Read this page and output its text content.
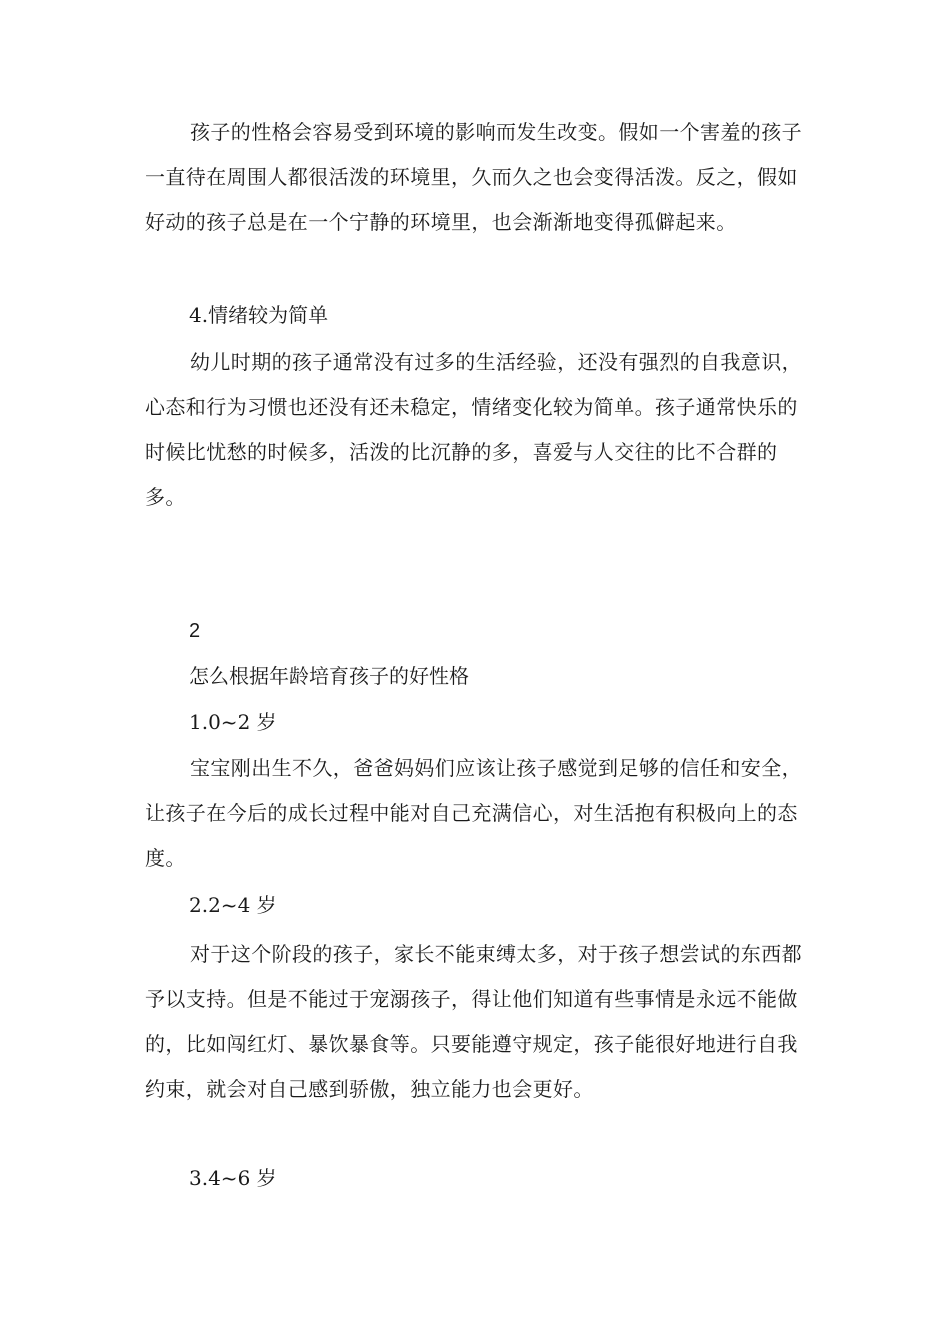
孩子的性格会容易受到环境的影响而发生改变。假如一个害羞的孩子一直待在周围人都很活泼的环境里，久而久之也会变得活泼。反之，假如好动的孩子总是在一个宁静的环境里，也会渐渐地变得孤僻起来。

4.情绪较为简单

幼儿时期的孩子通常没有过多的生活经验，还没有强烈的自我意识，心态和行为习惯也还没有还未稳定，情绪变化较为简单。孩子通常快乐的时候比忧愁的时候多，活泼的比沉静的多，喜爱与人交往的比不合群的多。

2

怎么根据年龄培育孩子的好性格

1.0~2 岁

宝宝刚出生不久，爸爸妈妈们应该让孩子感觉到足够的信任和安全，让孩子在今后的成长过程中能对自己充满信心，对生活抱有积极向上的态度。

2.2~4 岁

对于这个阶段的孩子，家长不能束缚太多，对于孩子想尝试的东西都予以支持。但是不能过于宠溺孩子，得让他们知道有些事情是永远不能做的，比如闯红灯、暴饮暴食等。只要能遵守规定，孩子能很好地进行自我约束，就会对自己感到骄傲，独立能力也会更好。

3.4~6 岁
